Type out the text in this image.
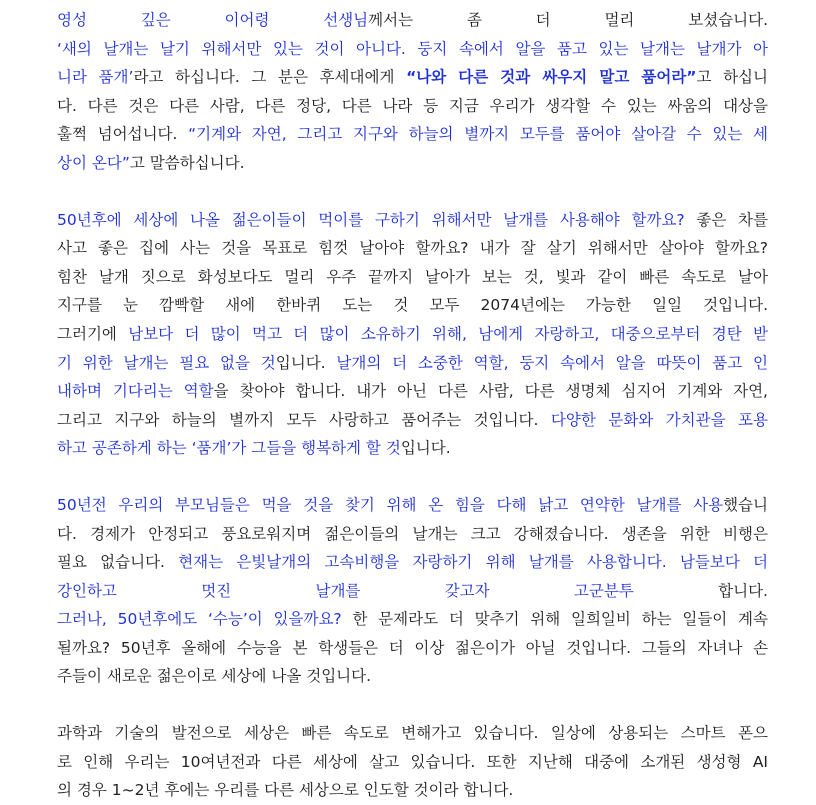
영성 깊은 이어령 선생님께서는 좀 더 멀리 보셨습니다.
‘새의 날개는 날기 위해서만 있는 것이 아니다. 둥지 속에서 알을 품고 있는 날개는 날개가 아
니라 품개’라고 하십니다. 그 분은 후세대에게 “나와 다른 것과 싸우지 말고 품어라”고 하십니
다. 다른 것은 다른 사람, 다른 정당, 다른 나라 등 지금 우리가 생각할 수 있는 싸움의 대상을
훌쩍 넘어섭니다. “기계와 자연, 그리고 지구와 하늘의 별까지 모두를 품어야 살아갈 수 있는 세
상이 온다”고 말씀하십니다.
50년후에 세상에 나올 젊은이들이 먹이를 구하기 위해서만 날개를 사용해야 할까요? 좋은 차를
사고 좋은 집에 사는 것을 목표로 힘껏 날아야 할까요? 내가 잘 살기 위해서만 살아야 할까요?
힘찬 날개 짓으로 화성보다도 멀리 우주 끝까지 날아가 보는 것, 빛과 같이 빠른 속도로 날아
지구를 눈 깜빡할 새에 한바퀴 도는 것 모두 2074년에는 가능한 일일 것입니다.
그러기에 남보다 더 많이 먹고 더 많이 소유하기 위해, 남에게 자랑하고, 대중으로부터 경탄 받
기 위한 날개는 필요 없을 것입니다. 날개의 더 소중한 역할, 둥지 속에서 알을 따뜻이 품고 인
내하며 기다리는 역할을 찾아야 합니다. 내가 아닌 다른 사람, 다른 생명체 심지어 기계와 자연,
그리고 지구와 하늘의 별까지 모두 사랑하고 품어주는 것입니다. 다양한 문화와 가치관을 포용
하고 공존하게 하는 ‘품개’가 그들을 행복하게 할 것입니다.
50년전 우리의 부모님들은 먹을 것을 찾기 위해 온 힘을 다해 낡고 연약한 날개를 사용했습니
다. 경제가 안정되고 풍요로워지며 젊은이들의 날개는 크고 강해졌습니다. 생존을 위한 비행은
필요 없습니다. 현재는 은빛날개의 고속비행을 자랑하기 위해 날개를 사용합니다. 남들보다 더
강인하고 멋진 날개를 갖고자 고군분투 합니다.
그러나, 50년후에도 ‘수능’이 있을까요? 한 문제라도 더 맞추기 위해 일희일비 하는 일들이 계속
될까요? 50년후 올해에 수능을 본 학생들은 더 이상 젊은이가 아닐 것입니다. 그들의 자녀나 손
주들이 새로운 젊은이로 세상에 나올 것입니다.
과학과 기술의 발전으로 세상은 빠른 속도로 변해가고 있습니다. 일상에 상용되는 스마트 폰으
로 인해 우리는 10여년전과 다른 세상에 살고 있습니다. 또한 지난해 대중에 소개된 생성형 AI
의 경우 1~2년 후에는 우리를 다른 세상으로 인도할 것이라 합니다.
